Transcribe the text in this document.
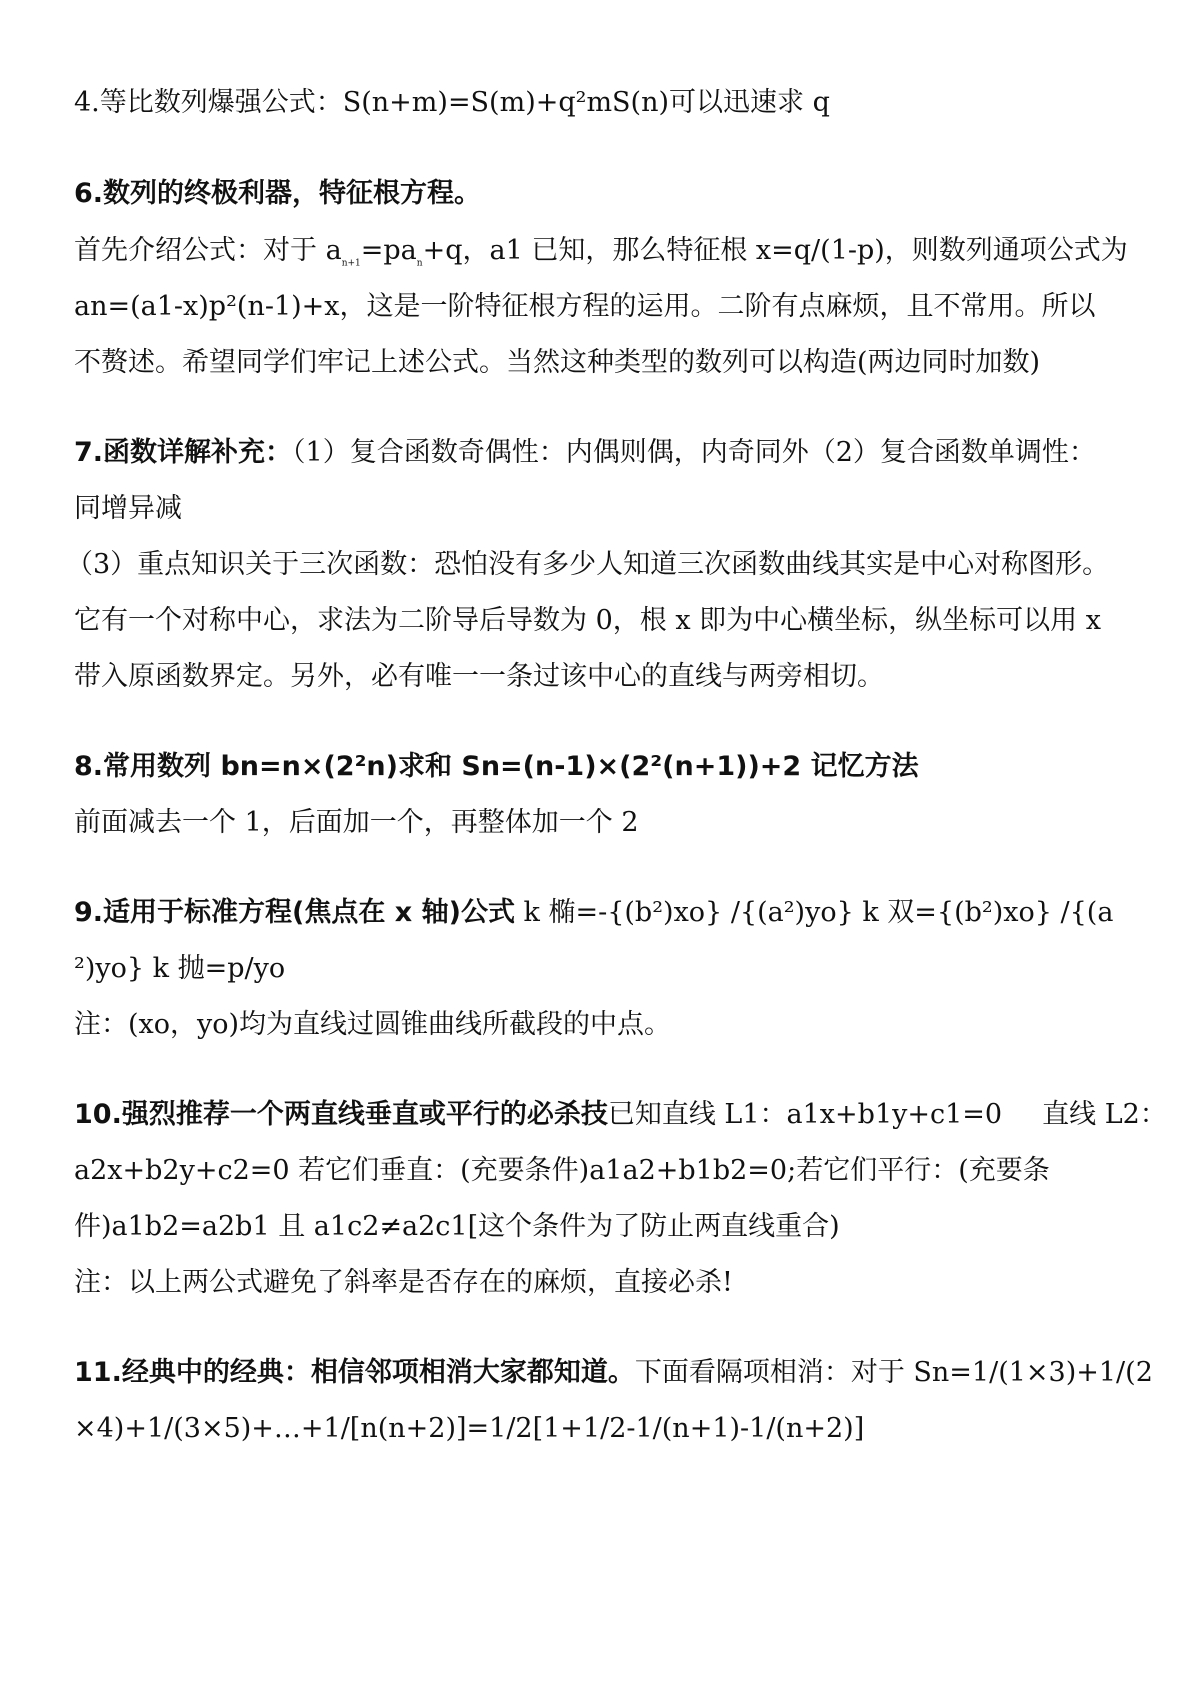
4.等比数列爆强公式：S(n+m)=S(m)+q²mS(n)可以迅速求 q
6.数列的终极利器，特征根方程。
首先介绍公式：对于 $a_{n+1}=pa_n+q$，a1 已知，那么特征根 x=q/(1-p)，则数列通项公式为
an=(a1-x)p²(n-1)+x，这是一阶特征根方程的运用。二阶有点麻烦，且不常用。所以
不赘述。希望同学们牢记上述公式。当然这种类型的数列可以构造(两边同时加数)
7.函数详解补充：（1）复合函数奇偶性：内偶则偶，内奇同外（2）复合函数单调性：
同增异减
（3）重点知识关于三次函数：恐怕没有多少人知道三次函数曲线其实是中心对称图形。
它有一个对称中心，求法为二阶导后导数为 0，根 x 即为中心横坐标，纵坐标可以用 x
带入原函数界定。另外，必有唯一一条过该中心的直线与两旁相切。
8.常用数列 bn=n×(2²n)求和 Sn=(n-1)×(2²(n+1))+2 记忆方法
前面减去一个 1，后面加一个，再整体加一个 2
9.适用于标准方程(焦点在 x 轴)公式 k 椭=-{(b²)xo} /{(a²)yo} k 双={(b²)xo} /{(a
²)yo} k 抛=p/yo
注：(xo，yo)均为直线过圆锥曲线所截段的中点。
10.强烈推荐一个两直线垂直或平行的必杀技已知直线 L1：a1x+b1y+c1=0 直线 L2：
a2x+b2y+c2=0 若它们垂直：(充要条件)a1a2+b1b2=0;若它们平行：(充要条
件)a1b2=a2b1 且 a1c2≠a2c1[这个条件为了防止两直线重合)
注：以上两公式避免了斜率是否存在的麻烦，直接必杀!
11.经典中的经典：相信邻项相消大家都知道。下面看隔项相消：对于 Sn=1/(1×3)+1/(2
×4)+1/(3×5)+…+1/[n(n+2)]=1/2[1+1/2-1/(n+1)-1/(n+2)]
